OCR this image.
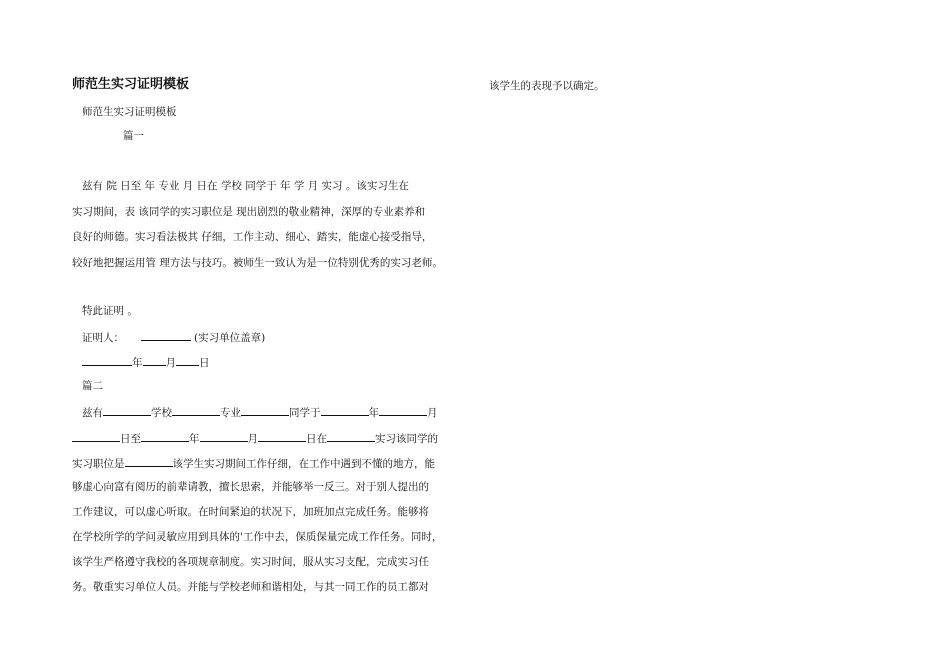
师范生实习证明模板
师范生实习证明模板
篇一
兹有 院 日至 年 专业 月 日在 学校 同学于 年 学 月 实习 。该实习生在
实习期间，表 该同学的实习职位是 现出剧烈的敬业精神，深厚的专业素养和
良好的师德。实习看法极其 仔细，工作主动、细心、踏实，能虚心接受指导，
较好地把握运用管 理方法与技巧。被师生一致认为是一位特别优秀的实习老师。
特此证明 。
证明人：	(实习单位盖章)
年 月 日
篇二
兹有	学校	专业	同学于	年	月
日至	年	月	日在	实习该同学的
实习职位是	该学生实习期间工作仔细，在工作中遇到不懂的地方，能
够虚心向富有阅历的前辈请教，擅长思索，并能够举一反三。对于别人提出的
工作建议，可以虚心听取。在时间紧迫的状况下，加班加点完成任务。能够将
在学校所学的学问灵敏应用到具体的'工作中去，保质保量完成工作任务。同时，
该学生严格遵守我校的各项规章制度。实习时间，服从实习支配，完成实习任
务。敬重实习单位人员。并能与学校老师和谐相处，与其一同工作的员工都对
该学生的表现予以确定。
